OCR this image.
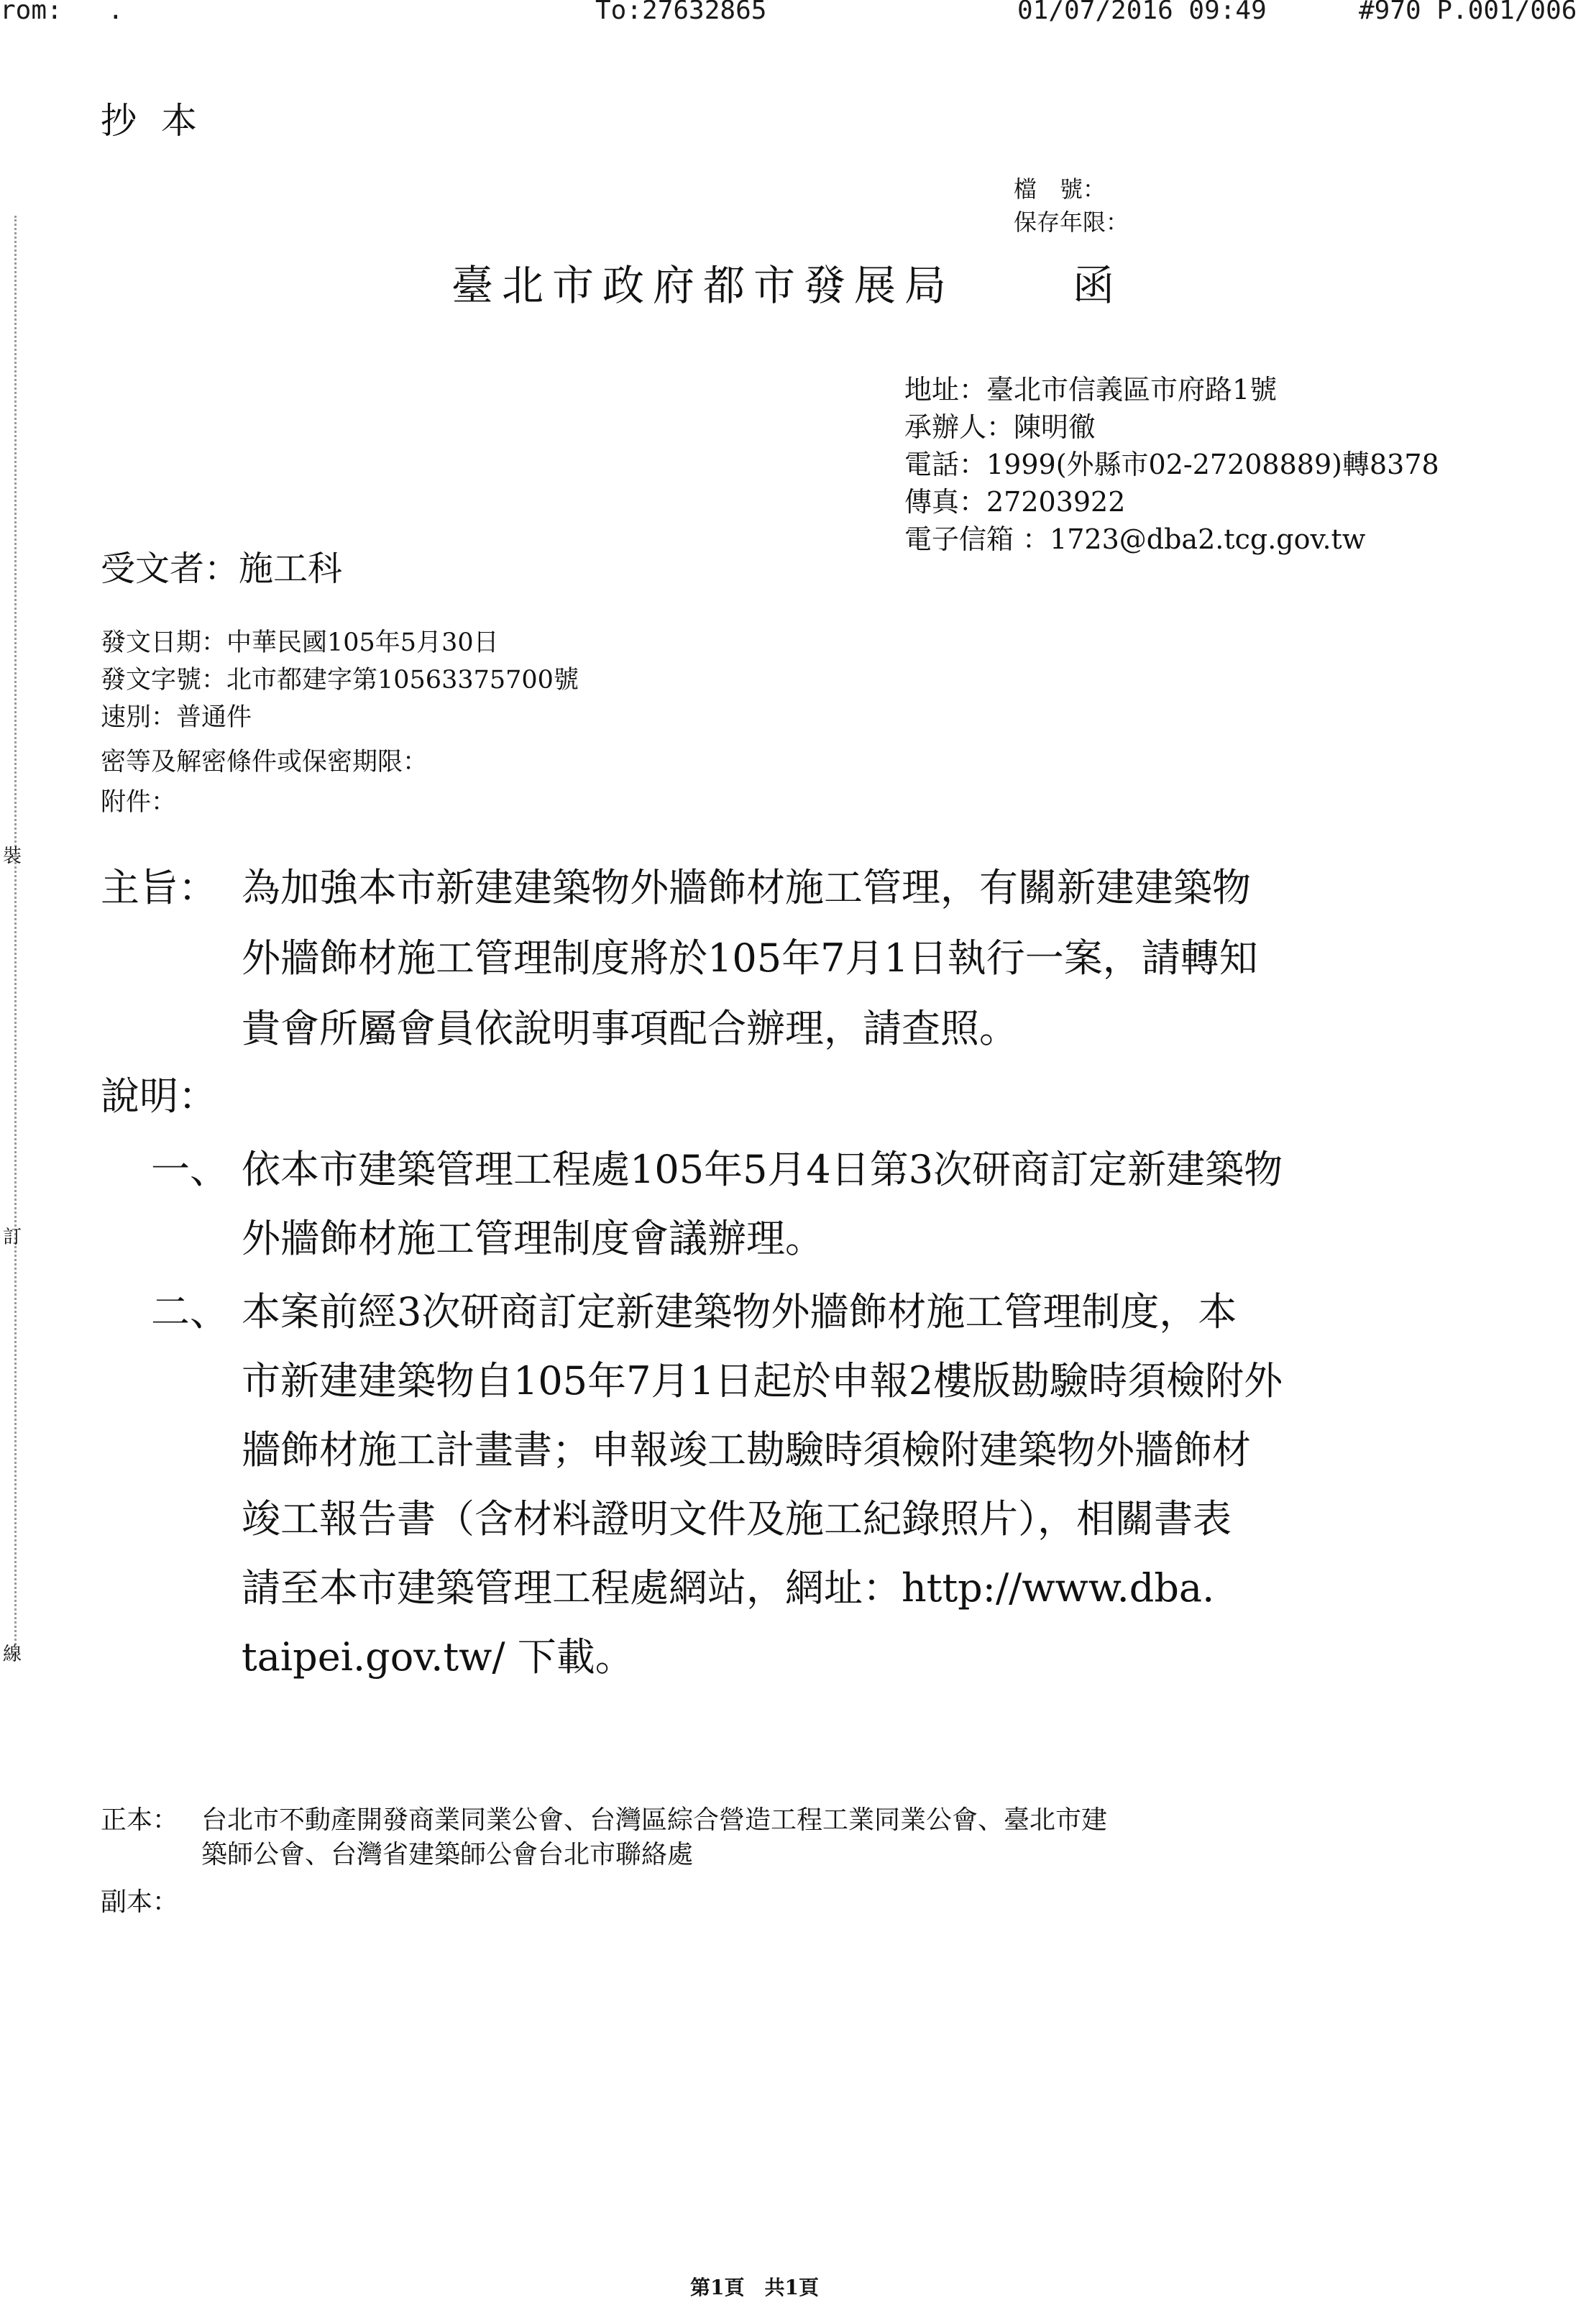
rom: .	To:27632865	01/07/2016 09:49	#970 P.001/006
裝
訂
線
抄本
檔　號：
保存年限：
臺北市政府都市發展局	函
地址：臺北市信義區市府路1號
承辦人：陳明徹
電話：1999(外縣市02-27208889)轉8378
傳真：27203922
電子信箱 ：1723@dba2.tcg.gov.tw
受文者：施工科
發文日期：中華民國105年5月30日
發文字號：北市都建字第10563375700號
速別：普通件
密等及解密條件或保密期限：
附件：
主旨： 為加強本市新建建築物外牆飾材施工管理，有關新建建築物
外牆飾材施工管理制度將於105年7月1日執行一案，請轉知
貴會所屬會員依說明事項配合辦理，請查照。
說明：
一、 依本市建築管理工程處105年5月4日第3次研商訂定新建築物
外牆飾材施工管理制度會議辦理。
二、 本案前經3次研商訂定新建築物外牆飾材施工管理制度，本
市新建建築物自105年7月1日起於申報2樓版勘驗時須檢附外
牆飾材施工計畫書；申報竣工勘驗時須檢附建築物外牆飾材
竣工報告書（含材料證明文件及施工紀錄照片），相關書表
請至本市建築管理工程處網站，網址：http://www.dba.
taipei.gov.tw/ 下載。
正本： 台北市不動產開發商業同業公會、台灣區綜合營造工程工業同業公會、臺北市建
築師公會、台灣省建築師公會台北市聯絡處
副本：
第1頁　共1頁
